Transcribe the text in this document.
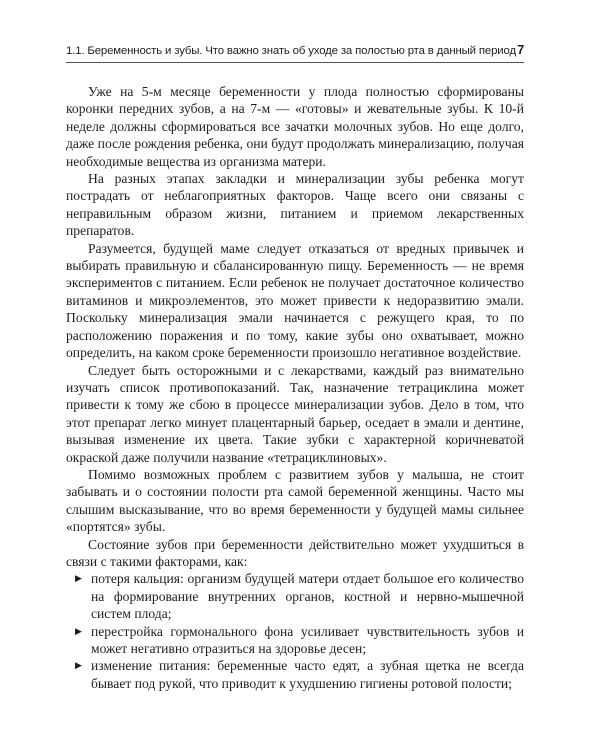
1.1. Беременность и зубы. Что важно знать об уходе за полостью рта в данный период 7

Уже на 5-м месяце беременности у плода полностью сформированы коронки передних зубов, а на 7-м — «готовы» и жевательные зубы. К 10-й неделе должны сформироваться все зачатки молочных зубов. Но еще долго, даже после рождения ребенка, они будут продолжать минерализацию, получая необходимые вещества из организма матери.

На разных этапах закладки и минерализации зубы ребенка могут пострадать от неблагоприятных факторов. Чаще всего они связаны с неправильным образом жизни, питанием и приемом лекарственных препаратов.

Разумеется, будущей маме следует отказаться от вредных привычек и выбирать правильную и сбалансированную пищу. Беременность — не время экспериментов с питанием. Если ребенок не получает достаточное количество витаминов и микроэлементов, это может привести к недоразвитию эмали. Поскольку минерализация эмали начинается с режущего края, то по расположению поражения и по тому, какие зубы оно охватывает, можно определить, на каком сроке беременности произошло негативное воздействие.

Следует быть осторожными и с лекарствами, каждый раз внимательно изучать список противопоказаний. Так, назначение тетрациклина может привести к тому же сбою в процессе минерализации зубов. Дело в том, что этот препарат легко минует плацентарный барьер, оседает в эмали и дентине, вызывая изменение их цвета. Такие зубки с характерной коричневатой окраской даже получили название «тетрациклиновых».

Помимо возможных проблем с развитием зубов у малыша, не стоит забывать и о состоянии полости рта самой беременной женщины. Часто мы слышим высказывание, что во время беременности у будущей мамы сильнее «портятся» зубы.

Состояние зубов при беременности действительно может ухудшиться в связи с такими факторами, как:

▶ потеря кальция: организм будущей матери отдает большое его количество на формирование внутренних органов, костной и нервно-мышечной систем плода;
▶ перестройка гормонального фона усиливает чувствительность зубов и может негативно отразиться на здоровье десен;
▶ изменение питания: беременные часто едят, а зубная щетка не всегда бывает под рукой, что приводит к ухудшению гигиены ротовой полости;
